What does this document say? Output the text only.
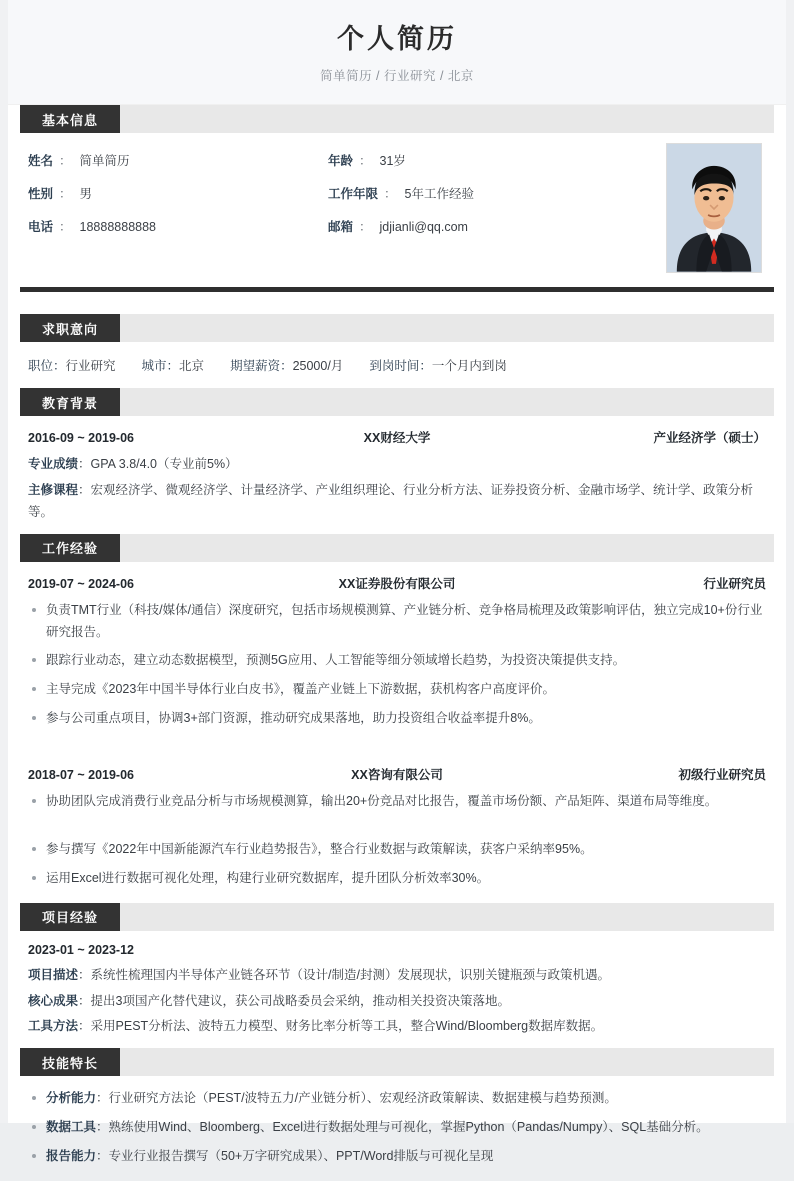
个人简历
简单简历 / 行业研究 / 北京
基本信息
姓名 ： 简单简历	年龄 ： 31岁
性别 ： 男	工作年限 ： 5年工作经验
电话 ： 18888888888	邮箱 ： jdjianli@qq.com
求职意向
职位：行业研究 城市：北京 期望薪资：25000/月 到岗时间：一个月内到岗
教育背景
2016-09 ~ 2019-06	XX财经大学	产业经济学（硕士）
专业成绩：GPA 3.8/4.0（专业前5%）
主修课程：宏观经济学、微观经济学、计量经济学、产业组织理论、行业分析方法、证券投资分析、金融市场学、统计学、政策分析等。
工作经验
2019-07 ~ 2024-06	XX证券股份有限公司	行业研究员
负责TMT行业（科技/媒体/通信）深度研究，包括市场规模测算、产业链分析、竞争格局梳理及政策影响评估，独立完成10+份行业研究报告。
跟踪行业动态，建立动态数据模型，预测5G应用、人工智能等细分领域增长趋势，为投资决策提供支持。
主导完成《2023年中国半导体行业白皮书》，覆盖产业链上下游数据，获机构客户高度评价。
参与公司重点项目，协调3+部门资源，推动研究成果落地，助力投资组合收益率提升8%。
2018-07 ~ 2019-06	XX咨询有限公司	初级行业研究员
协助团队完成消费行业竞品分析与市场规模测算，输出20+份竞品对比报告，覆盖市场份额、产品矩阵、渠道布局等维度。
参与撰写《2022年中国新能源汽车行业趋势报告》，整合行业数据与政策解读，获客户采纳率95%。
运用Excel进行数据可视化处理，构建行业研究数据库，提升团队分析效率30%。
项目经验
2023-01 ~ 2023-12
项目描述：系统性梳理国内半导体产业链各环节（设计/制造/封测）发展现状，识别关键瓶颈与政策机遇。
核心成果：提出3项国产化替代建议，获公司战略委员会采纳，推动相关投资决策落地。
工具方法：采用PEST分析法、波特五力模型、财务比率分析等工具，整合Wind/Bloomberg数据库数据。
技能特长
分析能力：行业研究方法论（PEST/波特五力/产业链分析）、宏观经济政策解读、数据建模与趋势预测。
数据工具：熟练使用Wind、Bloomberg、Excel进行数据处理与可视化，掌握Python（Pandas/Numpy）、SQL基础分析。
报告能力：专业行业报告撰写（50+万字研究成果）、PPT/Word排版与可视化呈现
